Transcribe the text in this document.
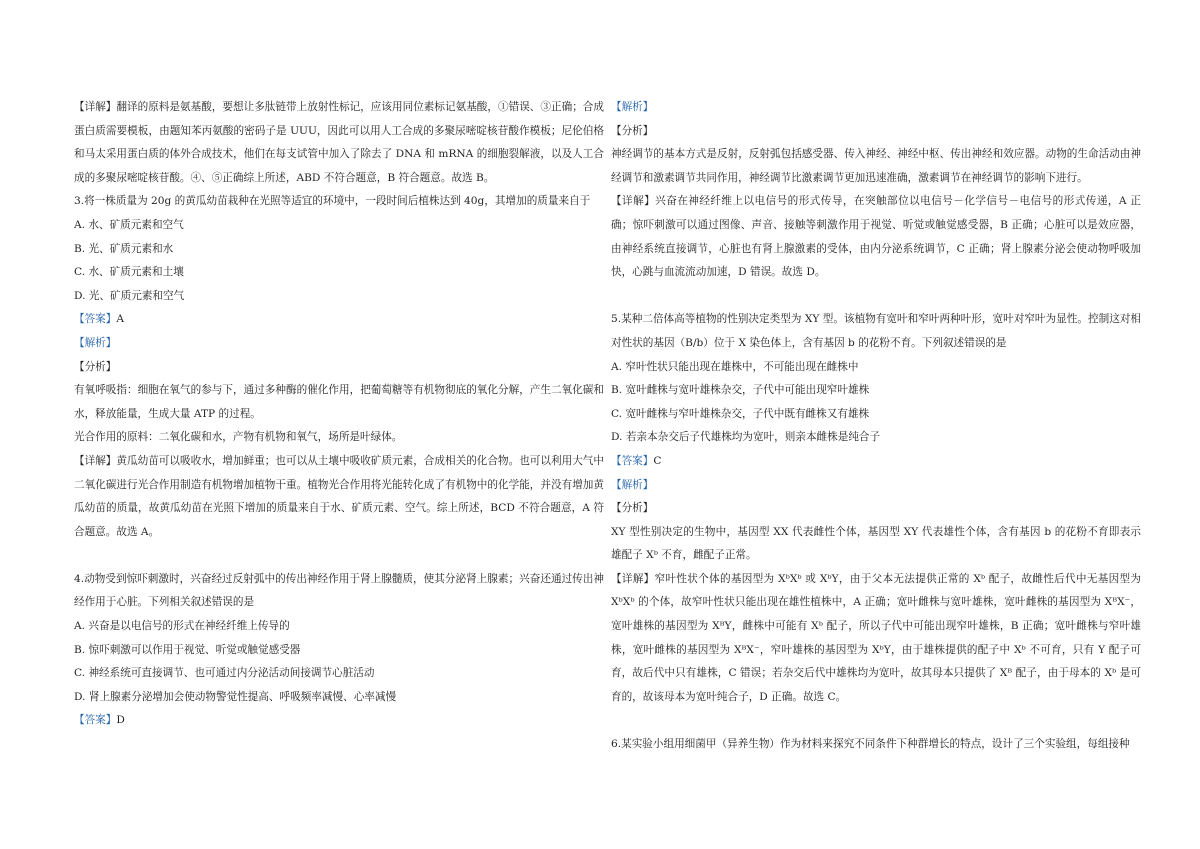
【详解】翻译的原料是氨基酸，要想让多肽链带上放射性标记，应该用同位素标记氨基酸，①错误、③正确；合成蛋白质需要模板，由题知苯丙氨酸的密码子是 UUU，因此可以用人工合成的多聚尿嘧啶核苷酸作模板；尼伦伯格和马太采用蛋白质的体外合成技术，他们在每支试管中加入了除去了 DNA 和 mRNA 的细胞裂解液，以及人工合成的多聚尿嘧啶核苷酸。④、⑤正确综上所述，ABD 不符合题意，B 符合题意。故选 B。

3.将一株质量为 20g 的黄瓜幼苗栽种在光照等适宜的环境中，一段时间后植株达到 40g，其增加的质量来自于

A. 水、矿质元素和空气

B. 光、矿质元素和水

C. 水、矿质元素和土壤

D. 光、矿质元素和空气

【答案】A

【解析】

【分析】

有氧呼吸指：细胞在氧气的参与下，通过多种酶的催化作用，把葡萄糖等有机物彻底的氧化分解，产生二氧化碳和水，释放能量，生成大量 ATP 的过程。

光合作用的原料：二氧化碳和水，产物有机物和氧气，场所是叶绿体。

【详解】黄瓜幼苗可以吸收水，增加鲜重；也可以从土壤中吸收矿质元素，合成相关的化合物。也可以利用大气中二氧化碳进行光合作用制造有机物增加植物干重。植物光合作用将光能转化成了有机物中的化学能，并没有增加黄瓜幼苗的质量，故黄瓜幼苗在光照下增加的质量来自于水、矿质元素、空气。综上所述，BCD 不符合题意，A 符合题意。故选 A。

4.动物受到惊吓刺激时，兴奋经过反射弧中的传出神经作用于肾上腺髓质，使其分泌肾上腺素；兴奋还通过传出神经作用于心脏。下列相关叙述错误的是

A. 兴奋是以电信号的形式在神经纤维上传导的

B. 惊吓刺激可以作用于视觉、听觉或触觉感受器

C. 神经系统可直接调节、也可通过内分泌活动间接调节心脏活动

D. 肾上腺素分泌增加会使动物警觉性提高、呼吸频率减慢、心率减慢

【答案】D

【解析】

【分析】

神经调节的基本方式是反射，反射弧包括感受器、传入神经、神经中枢、传出神经和效应器。动物的生命活动由神经调节和激素调节共同作用，神经调节比激素调节更加迅速准确，激素调节在神经调节的影响下进行。

【详解】兴奋在神经纤维上以电信号的形式传导，在突触部位以电信号－化学信号－电信号的形式传递，A 正确；惊吓刺激可以通过图像、声音、接触等刺激作用于视觉、听觉或触觉感受器，B 正确；心脏可以是效应器，由神经系统直接调节，心脏也有肾上腺激素的受体，由内分泌系统调节，C 正确；肾上腺素分泌会使动物呼吸加快，心跳与血流流动加速，D 错误。故选 D。

5.某种二倍体高等植物的性别决定类型为 XY 型。该植物有宽叶和窄叶两种叶形，宽叶对窄叶为显性。控制这对相对性状的基因（B/b）位于 X 染色体上，含有基因 b 的花粉不育。下列叙述错误的是

A. 窄叶性状只能出现在雄株中，不可能出现在雌株中

B. 宽叶雌株与宽叶雄株杂交，子代中可能出现窄叶雄株

C. 宽叶雌株与窄叶雄株杂交，子代中既有雌株又有雄株

D. 若亲本杂交后子代雄株均为宽叶，则亲本雌株是纯合子

【答案】C

【解析】

【分析】

XY 型性别决定的生物中，基因型 XX 代表雌性个体，基因型 XY 代表雄性个体，含有基因 b 的花粉不育即表示雄配子 Xᵇ 不育，雌配子正常。

【详解】窄叶性状个体的基因型为 XᵇXᵇ 或 XᵇY，由于父本无法提供正常的 Xᵇ 配子，故雌性后代中无基因型为 XᵇXᵇ 的个体，故窄叶性状只能出现在雄性植株中，A 正确；宽叶雌株与宽叶雄株，宽叶雌株的基因型为 XᴮX⁻，宽叶雄株的基因型为 XᴮY，雌株中可能有 Xᵇ 配子，所以子代中可能出现窄叶雄株，B 正确；宽叶雌株与窄叶雄株，宽叶雌株的基因型为 XᴮX⁻，窄叶雄株的基因型为 XᵇY，由于雄株提供的配子中 Xᵇ 不可育，只有 Y 配子可育，故后代中只有雄株，C 错误；若杂交后代中雄株均为宽叶，故其母本只提供了 Xᴮ 配子，由于母本的 Xᵇ 是可育的，故该母本为宽叶纯合子，D 正确。故选 C。

6.某实验小组用细菌甲（异养生物）作为材料来探究不同条件下种群增长的特点，设计了三个实验组，每组接种
